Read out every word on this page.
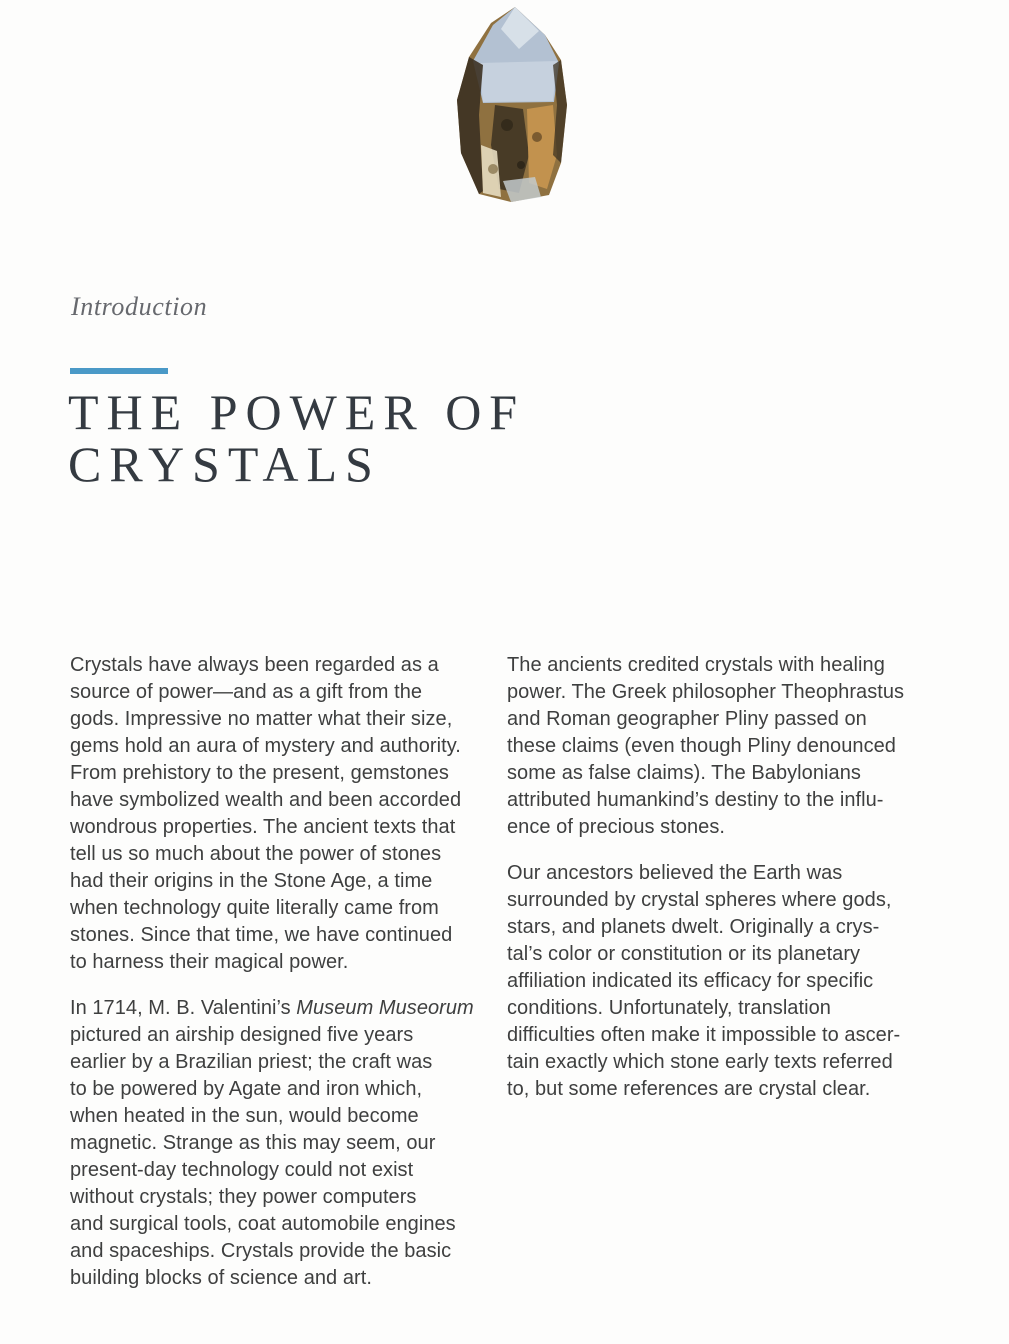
Introduction
THE POWER OF
CRYSTALS

Crystals have always been regarded as a
source of power—and as a gift from the
gods. Impressive no matter what their size,
gems hold an aura of mystery and authority.
From prehistory to the present, gemstones
have symbolized wealth and been accorded
wondrous properties. The ancient texts that
tell us so much about the power of stones
had their origins in the Stone Age, a time
when technology quite literally came from
stones. Since that time, we have continued
to harness their magical power.

In 1714, M. B. Valentini’s Museum Museorum
pictured an airship designed five years
earlier by a Brazilian priest; the craft was
to be powered by Agate and iron which,
when heated in the sun, would become
magnetic. Strange as this may seem, our
present-day technology could not exist
without crystals; they power computers
and surgical tools, coat automobile engines
and spaceships. Crystals provide the basic
building blocks of science and art.

The ancients credited crystals with healing
power. The Greek philosopher Theophrastus
and Roman geographer Pliny passed on
these claims (even though Pliny denounced
some as false claims). The Babylonians
attributed humankind’s destiny to the influ-
ence of precious stones.

Our ancestors believed the Earth was
surrounded by crystal spheres where gods,
stars, and planets dwelt. Originally a crys-
tal’s color or constitution or its planetary
affiliation indicated its efficacy for specific
conditions. Unfortunately, translation
difficulties often make it impossible to ascer-
tain exactly which stone early texts referred
to, but some references are crystal clear.
